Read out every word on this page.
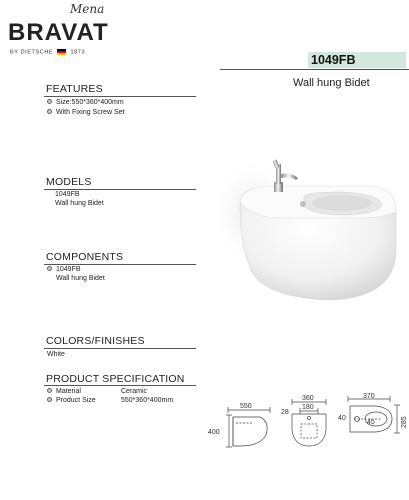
Mena
BRAVAT
BY DIETSCHE	1873
1049FB
Wall hung Bidet
FEATURES
Size:550*360*400mm
With Fixing Screw Set
MODELS
1049FB
Wall hung Bidet
COMPONENTS
1049FB
Wall hung Bidet
COLORS/FINISHES
White
PRODUCT SPECIFICATION
Material	Ceramic
Product Size	550*360*400mm
550
400
360
180
28
370
40
45	285
